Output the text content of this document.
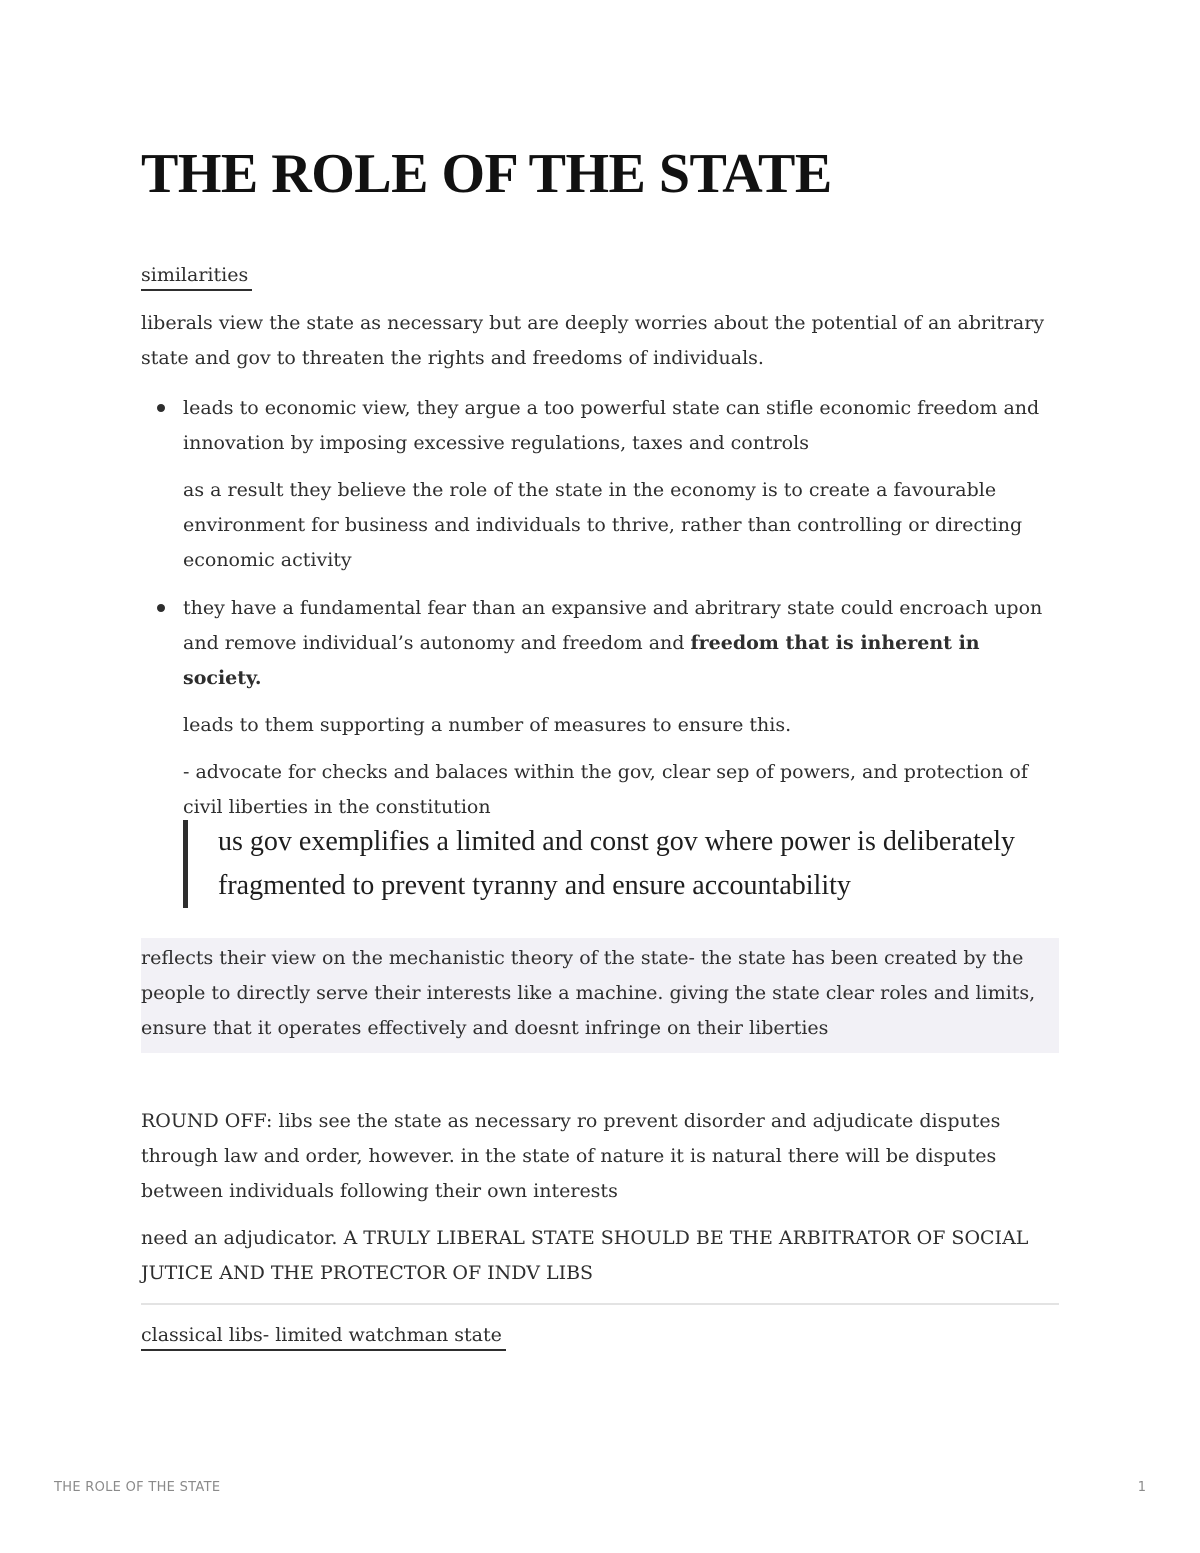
THE ROLE OF THE STATE
similarities

liberals view the state as necessary but are deeply worries about the potential of an abritrary state and gov to threaten the rights and freedoms of individuals.

leads to economic view, they argue a too powerful state can stifle economic freedom and innovation by imposing excessive regulations, taxes and controls
as a result they believe the role of the state in the economy is to create a favourable environment for business and individuals to thrive, rather than controlling or directing economic activity
they have a fundamental fear than an expansive and abritrary state could encroach upon and remove individual’s autonomy and freedom and freedom that is inherent in society.
leads to them supporting a number of measures to ensure this.
- advocate for checks and balaces within the gov, clear sep of powers, and protection of civil liberties in the constitution
us gov exemplifies a limited and const gov where power is deliberately fragmented to prevent tyranny and ensure accountability
reflects their view on the mechanistic theory of the state- the state has been created by the people to directly serve their interests like a machine. giving the state clear roles and limits, ensure that it operates effectively and doesnt infringe on their liberties

ROUND OFF: libs see the state as necessary ro prevent disorder and adjudicate disputes through law and order, however. in the state of nature it is natural there will be disputes between individuals following their own interests

need an adjudicator. A TRULY LIBERAL STATE SHOULD BE THE ARBITRATOR OF SOCIAL JUTICE AND THE PROTECTOR OF INDV LIBS

classical libs- limited watchman state
THE ROLE OF THE STATE	1
